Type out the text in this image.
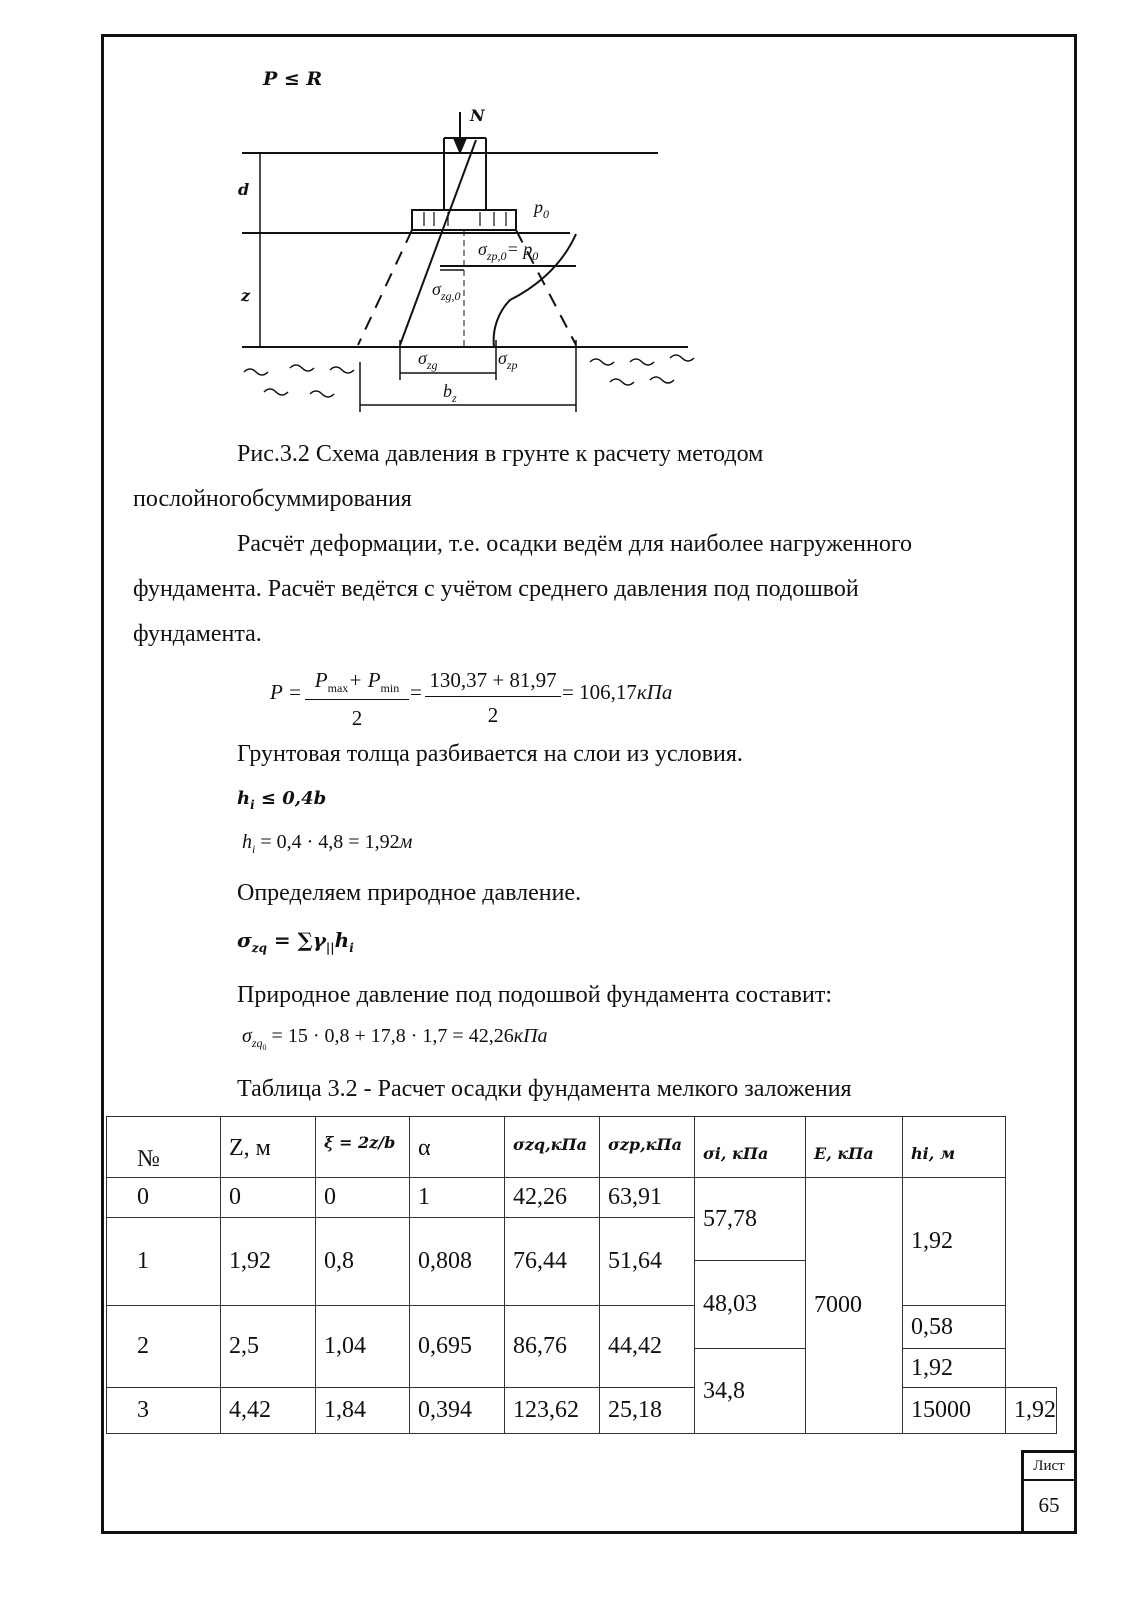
P ≤ R
N
d
z
$p_0$
$\sigma_{zp,0}= p_0$
$\sigma_{zg,0}$
$\sigma_{zg}$	$\sigma_{zp}$
$b_z$
Рис.3.2 Схема давления в грунте к расчету методом
послойногобсуммирования
Расчёт деформации, т.е. осадки ведём для наиболее нагруженного
фундамента. Расчёт ведётся с учётом среднего давления под подошвой
фундамента.
$P = P_{max}+ P_{min}$
2
= $\frac{130,37 + 81,97}{2} = 106,17кПа$
Грунтовая толща разбивается на слои из условия.
$h_i \le 0,4b$
$h_i = 0,4 \cdot 4,8 = 1,92м$
Определяем природное давление.
$\sigma_{zq} = \sum\gamma_{||}h_i$
Природное давление под подошвой фундамента составит:
$\sigma_{zq0} = 15 \cdot 0,8 + 17,8 \cdot 1,7 = 42,26кПа$
Таблица 3.2 - Расчет осадки фундамента мелкого заложения
№	Z, м	ξ = 2z/b	α	σzq,кПа	σzp,кПа	σi, кПа	E, кПа	hi, м	
0	0	0	1	42,26	63,91	57,78	7000	1,92	
1	1,92	0,8	0,808	76,44	51,64				
						48,03			
2	2,5	1,04	0,695	86,76	44,42			0,58	
						34,8		1,92	
3	4,42	1,84	0,394	123,62	25,18			15000	1,92
Лист
65
